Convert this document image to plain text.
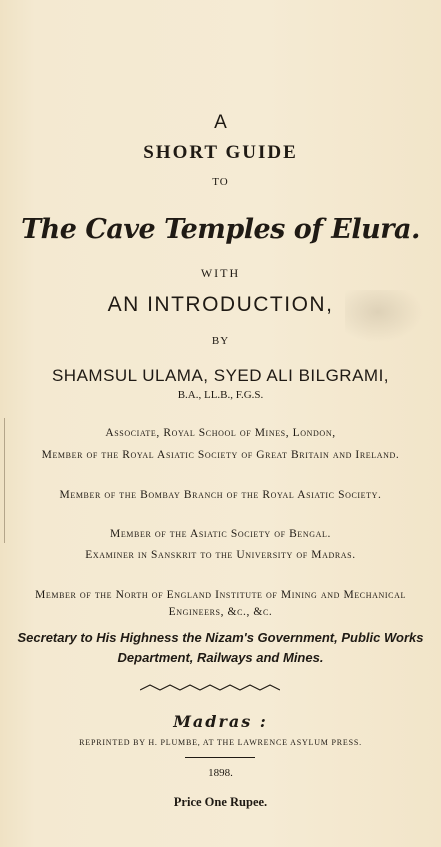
A
SHORT GUIDE
TO
The Cave Temples of Elura.
WITH
AN INTRODUCTION,
BY
SHAMSUL ULAMA, SYED ALI BILGRAMI,
B.A., LL.B., F.G.S.
Associate, Royal School of Mines, London,
Member of the Royal Asiatic Society of Great Britain and Ireland.
Member of the Bombay Branch of the Royal Asiatic Society.
Member of the Asiatic Society of Bengal.
Examiner in Sanskrit to the University of Madras.
Member of the North of England Institute of Mining and Mechanical Engineers, &c., &c.
Secretary to His Highness the Nizam's Government, Public Works Department, Railways and Mines.
Madras :
REPRINTED BY H. PLUMBE, AT THE LAWRENCE ASYLUM PRESS.
1898.
Price One Rupee.
